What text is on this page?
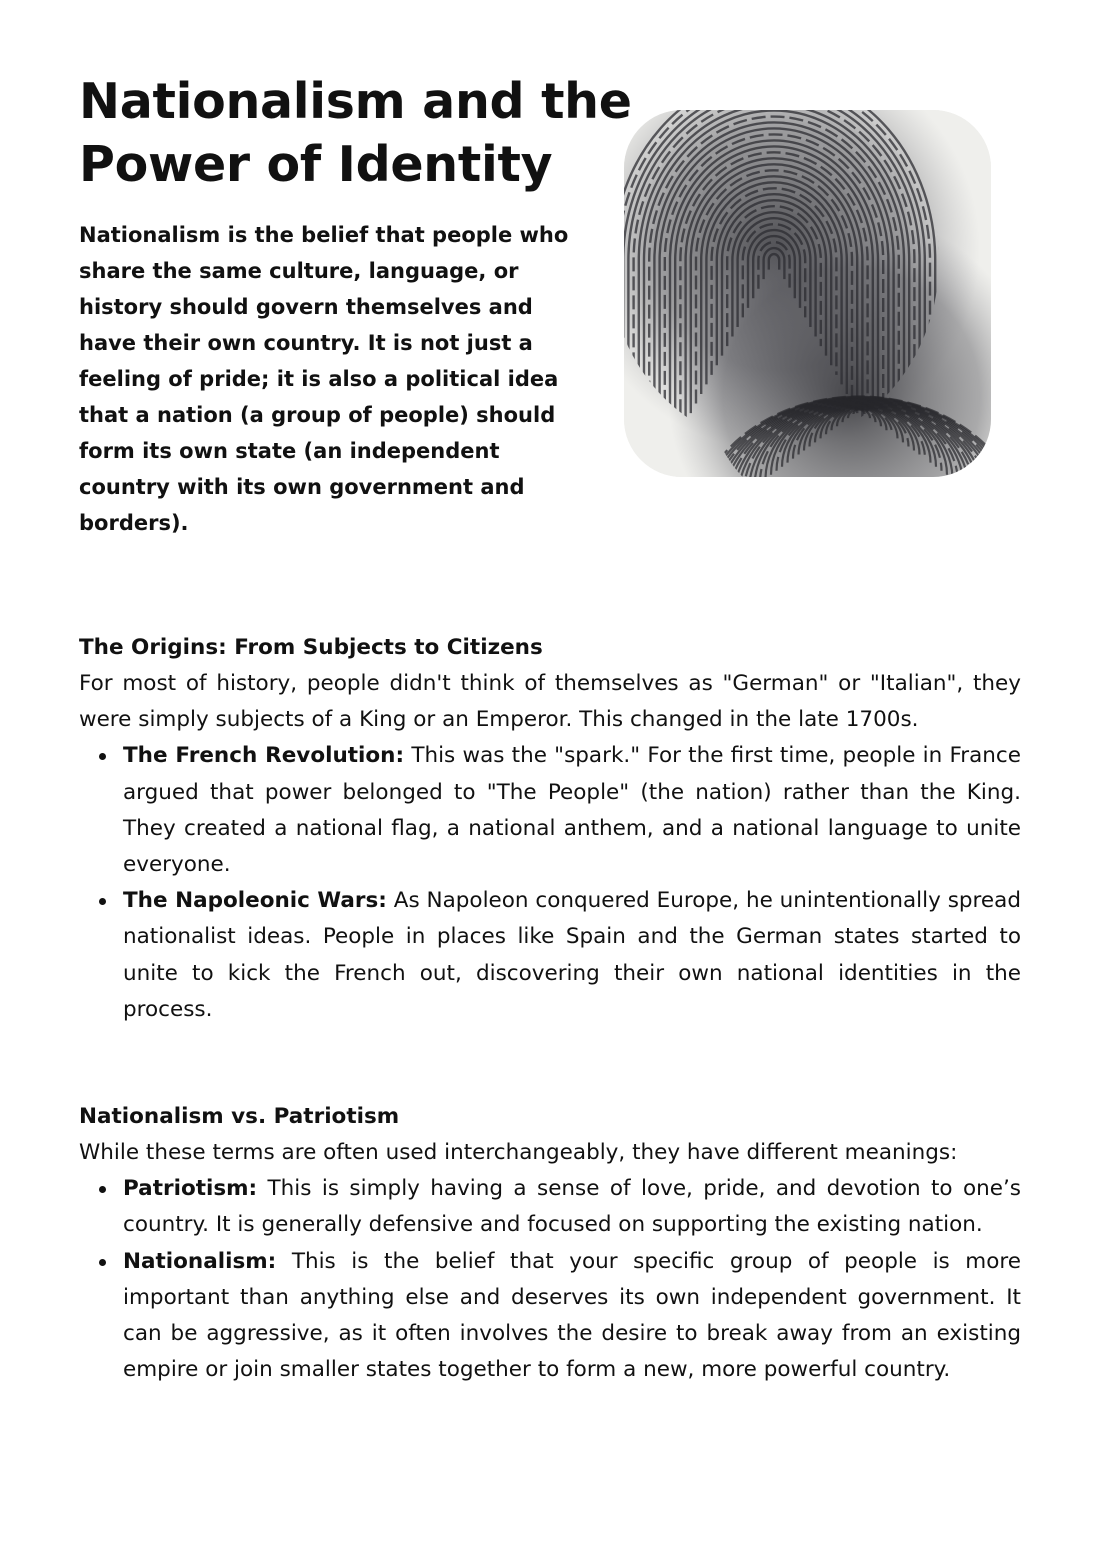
Nationalism and the Power of Identity

Nationalism is the belief that people who share the same culture, language, or history should govern themselves and have their own country. It is not just a feeling of pride; it is also a political idea that a nation (a group of people) should form its own state (an independent country with its own government and borders).

The Origins: From Subjects to Citizens

For most of history, people didn't think of themselves as "German" or "Italian", they were simply subjects of a King or an Emperor. This changed in the late 1700s.

The French Revolution: This was the "spark." For the first time, people in France argued that power belonged to "The People" (the nation) rather than the King. They created a national flag, a national anthem, and a national language to unite everyone.
The Napoleonic Wars: As Napoleon conquered Europe, he unintentionally spread nationalist ideas. People in places like Spain and the German states started to unite to kick the French out, discovering their own national identities in the process.
Nationalism vs. Patriotism

While these terms are often used interchangeably, they have different meanings:

Patriotism: This is simply having a sense of love, pride, and devotion to one’s country. It is generally defensive and focused on supporting the existing nation.
Nationalism: This is the belief that your specific group of people is more important than anything else and deserves its own independent government. It can be aggressive, as it often involves the desire to break away from an existing empire or join smaller states together to form a new, more powerful country.
